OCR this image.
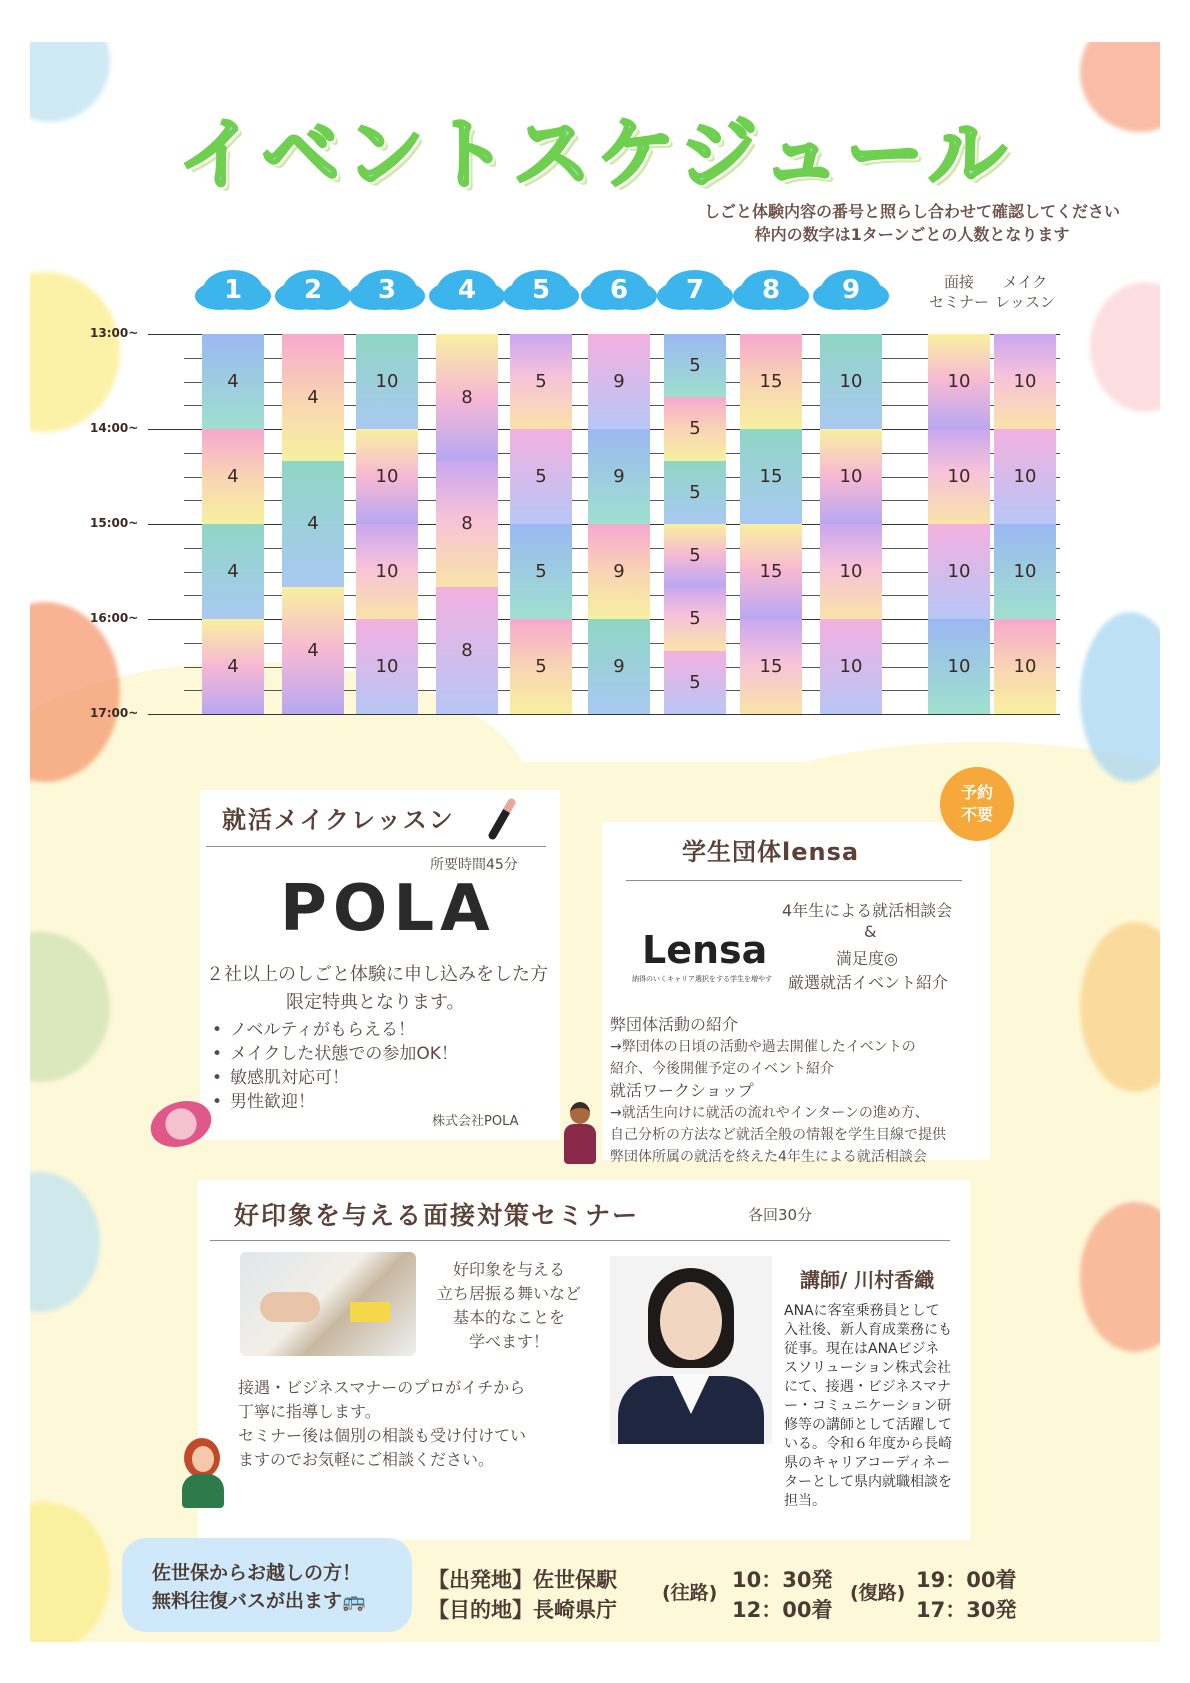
イベントスケジュール
しごと体験内容の番号と照らし合わせて確認してください
枠内の数字は1ターンごとの人数となります
13:00~
14:00~
15:00~
16:00~
17:00~
1
4
4
4
4
2
4
4
4
3
10
10
10
10
4
8
8
8
5
5
5
5
5
6
9
9
9
9
7
5
5
5
5
5
5
8
15
15
15
15
9
10
10
10
10
面接
セミナー
10
10
10
10
メイク
レッスン
10
10
10
10
就活メイクレッスン
所要時間45分
POLA
２社以上のしごと体験に申し込みをした方
限定特典となります。
• ノベルティがもらえる！
• メイクした状態での参加OK！
• 敏感肌対応可！
• 男性歓迎！
株式会社POLA
学生団体lensa
Lensa
納得のいくキャリア選択をする学生を増やす
4年生による就活相談会
&
満足度◎
厳選就活イベント紹介
弊団体活動の紹介
→弊団体の日頃の活動や過去開催したイベントの
紹介、今後開催予定のイベント紹介
就活ワークショップ
→就活生向けに就活の流れやインターンの進め方、
自己分析の方法など就活全般の情報を学生目線で提供
弊団体所属の就活を終えた4年生による就活相談会
予約
不要
好印象を与える面接対策セミナー	各回30分
好印象を与える
立ち居振る舞いなど
基本的なことを
学べます！
接遇・ビジネスマナーのプロがイチから
丁寧に指導します。
セミナー後は個別の相談も受け付けてい
ますのでお気軽にご相談ください。
講師/ 川村香織
ANAに客室乗務員として
入社後、新人育成業務にも
従事。現在はANAビジネ
スソリューション株式会社
にて、接遇・ビジネスマナ
ー・コミュニケーション研
修等の講師として活躍して
いる。令和６年度から長崎
県のキャリアコーディネー
ターとして県内就職相談を
担当。
佐世保からお越しの方！
無料往復バスが出ます🚌
【出発地】佐世保駅
【目的地】長崎県庁
(往路)
10：30発
12：00着
(復路)
19：00着
17：30発
